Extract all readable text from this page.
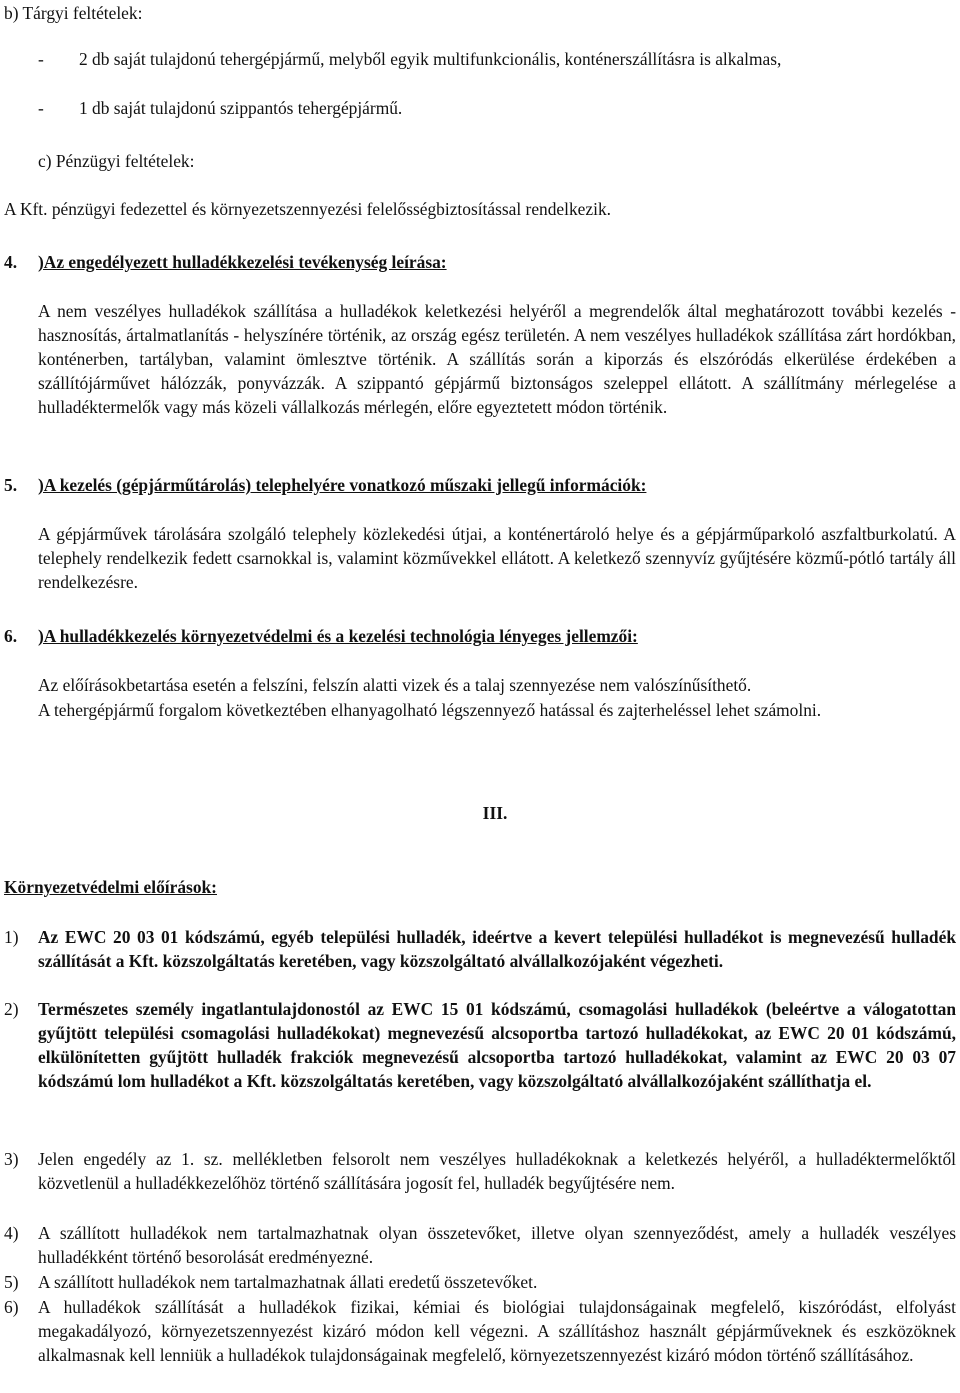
b) Tárgyi feltételek:

- 2 db saját tulajdonú tehergépjármű, melyből egyik multifunkcionális, konténerszállításra is alkalmas,
- 1 db saját tulajdonú szippantós tehergépjármű.

c) Pénzügyi feltételek:

A Kft. pénzügyi fedezettel és környezetszennyezési felelősségbiztosítással rendelkezik.

4. )Az engedélyezett hulladékkezelési tevékenység leírása:

A nem veszélyes hulladékok szállítása a hulladékok keletkezési helyéről a megrendelők által meghatározott további kezelés - hasznosítás, ártalmatlanítás - helyszínére történik, az ország egész területén. A nem veszélyes hulladékok szállítása zárt hordókban, konténerben, tartályban, valamint ömlesztve történik. A szállítás során a kiporzás és elszóródás elkerülése érdekében a szállítójárművet hálózzák, ponyvázzák. A szippantó gépjármű biztonságos szeleppel ellátott. A szállítmány mérlegelése a hulladéktermelők vagy más közeli vállalkozás mérlegén, előre egyeztetett módon történik.

5. )A kezelés (gépjárműtárolás) telephelyére vonatkozó műszaki jellegű információk:

A gépjárművek tárolására szolgáló telephely közlekedési útjai, a konténertároló helye és a gépjárműparkoló aszfaltburkolatú. A telephely rendelkezik fedett csarnokkal is, valamint közművekkel ellátott. A keletkező szennyvíz gyűjtésére közmű-pótló tartály áll rendelkezésre.

6. )A hulladékkezelés környezetvédelmi és a kezelési technológia lényeges jellemzői:

Az előírásokbetartása esetén a felszíni, felszín alatti vizek és a talaj szennyezése nem valószínűsíthető.

A tehergépjármű forgalom következtében elhanyagolható légszennyező hatással és zajterheléssel lehet számolni.

III.

Környezetvédelmi előírások:

1) Az EWC 20 03 01 kódszámú, egyéb települési hulladék, ideértve a kevert települési hulladékot is megnevezésű hulladék szállítását a Kft. közszolgáltatás keretében, vagy közszolgáltató alvállalkozójaként végezheti.
2) Természetes személy ingatlantulajdonostól az EWC 15 01 kódszámú, csomagolási hulladékok (beleértve a válogatottan gyűjtött települési csomagolási hulladékokat) megnevezésű alcsoportba tartozó hulladékokat, az EWC 20 01 kódszámú, elkülönítetten gyűjtött hulladék frakciók megnevezésű alcsoportba tartozó hulladékokat, valamint az EWC 20 03 07 kódszámú lom hulladékot a Kft. közszolgáltatás keretében, vagy közszolgáltató alvállalkozójaként szállíthatja el.
3) Jelen engedély az 1. sz. mellékletben felsorolt nem veszélyes hulladékoknak a keletkezés helyéről, a hulladéktermelőktől közvetlenül a hulladékkezelőhöz történő szállítására jogosít fel, hulladék begyűjtésére nem.
4) A szállított hulladékok nem tartalmazhatnak olyan összetevőket, illetve olyan szennyeződést, amely a hulladék veszélyes hulladékként történő besorolását eredményezné.
5) A szállított hulladékok nem tartalmazhatnak állati eredetű összetevőket.
6) A hulladékok szállítását a hulladékok fizikai, kémiai és biológiai tulajdonságainak megfelelő, kiszóródást, elfolyást megakadályozó, környezetszennyezést kizáró módon kell végezni. A szállításhoz használt gépjárműveknek és eszközöknek alkalmasnak kell lenniük a hulladékok tulajdonságainak megfelelő, környezetszennyezést kizáró módon történő szállításához.
